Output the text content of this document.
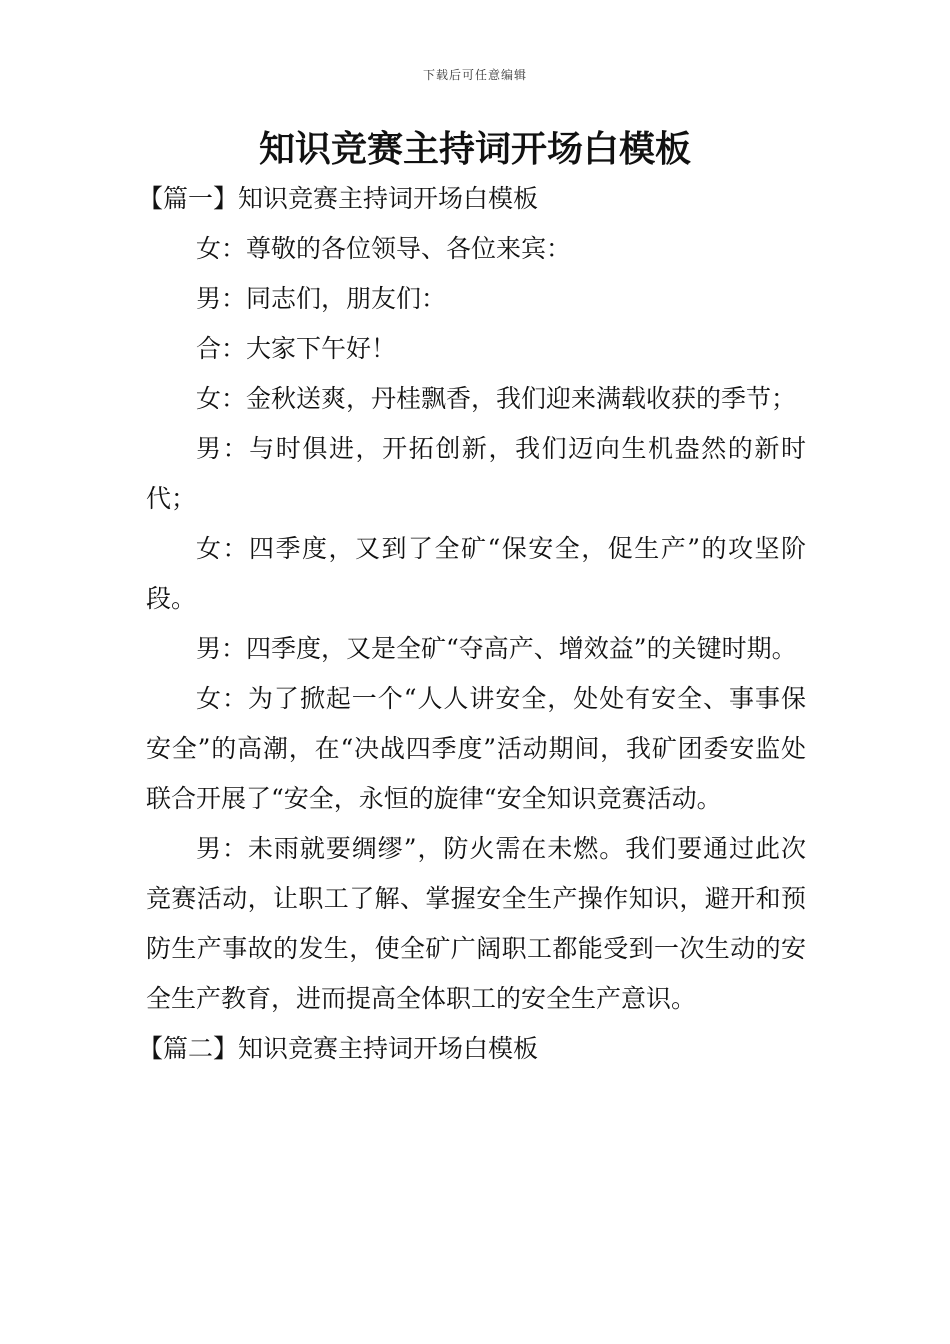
下载后可任意编辑
知识竞赛主持词开场白模板

【篇一】知识竞赛主持词开场白模板

女：尊敬的各位领导、各位来宾：

男：同志们，朋友们：

合：大家下午好！

女：金秋送爽，丹桂飘香，我们迎来满载收获的季节；

男：与时俱进，开拓创新，我们迈向生机盎然的新时代；

女：四季度，又到了全矿“保安全，促生产”的攻坚阶段。

男：四季度，又是全矿“夺高产、增效益”的关键时期。

女：为了掀起一个“人人讲安全，处处有安全、事事保安全”的高潮，在“决战四季度”活动期间，我矿团委安监处联合开展了“安全，永恒的旋律“安全知识竞赛活动。

男：未雨就要绸缪”，防火需在未燃。我们要通过此次竞赛活动，让职工了解、掌握安全生产操作知识，避开和预防生产事故的发生，使全矿广阔职工都能受到一次生动的安全生产教育，进而提高全体职工的安全生产意识。

【篇二】知识竞赛主持词开场白模板
